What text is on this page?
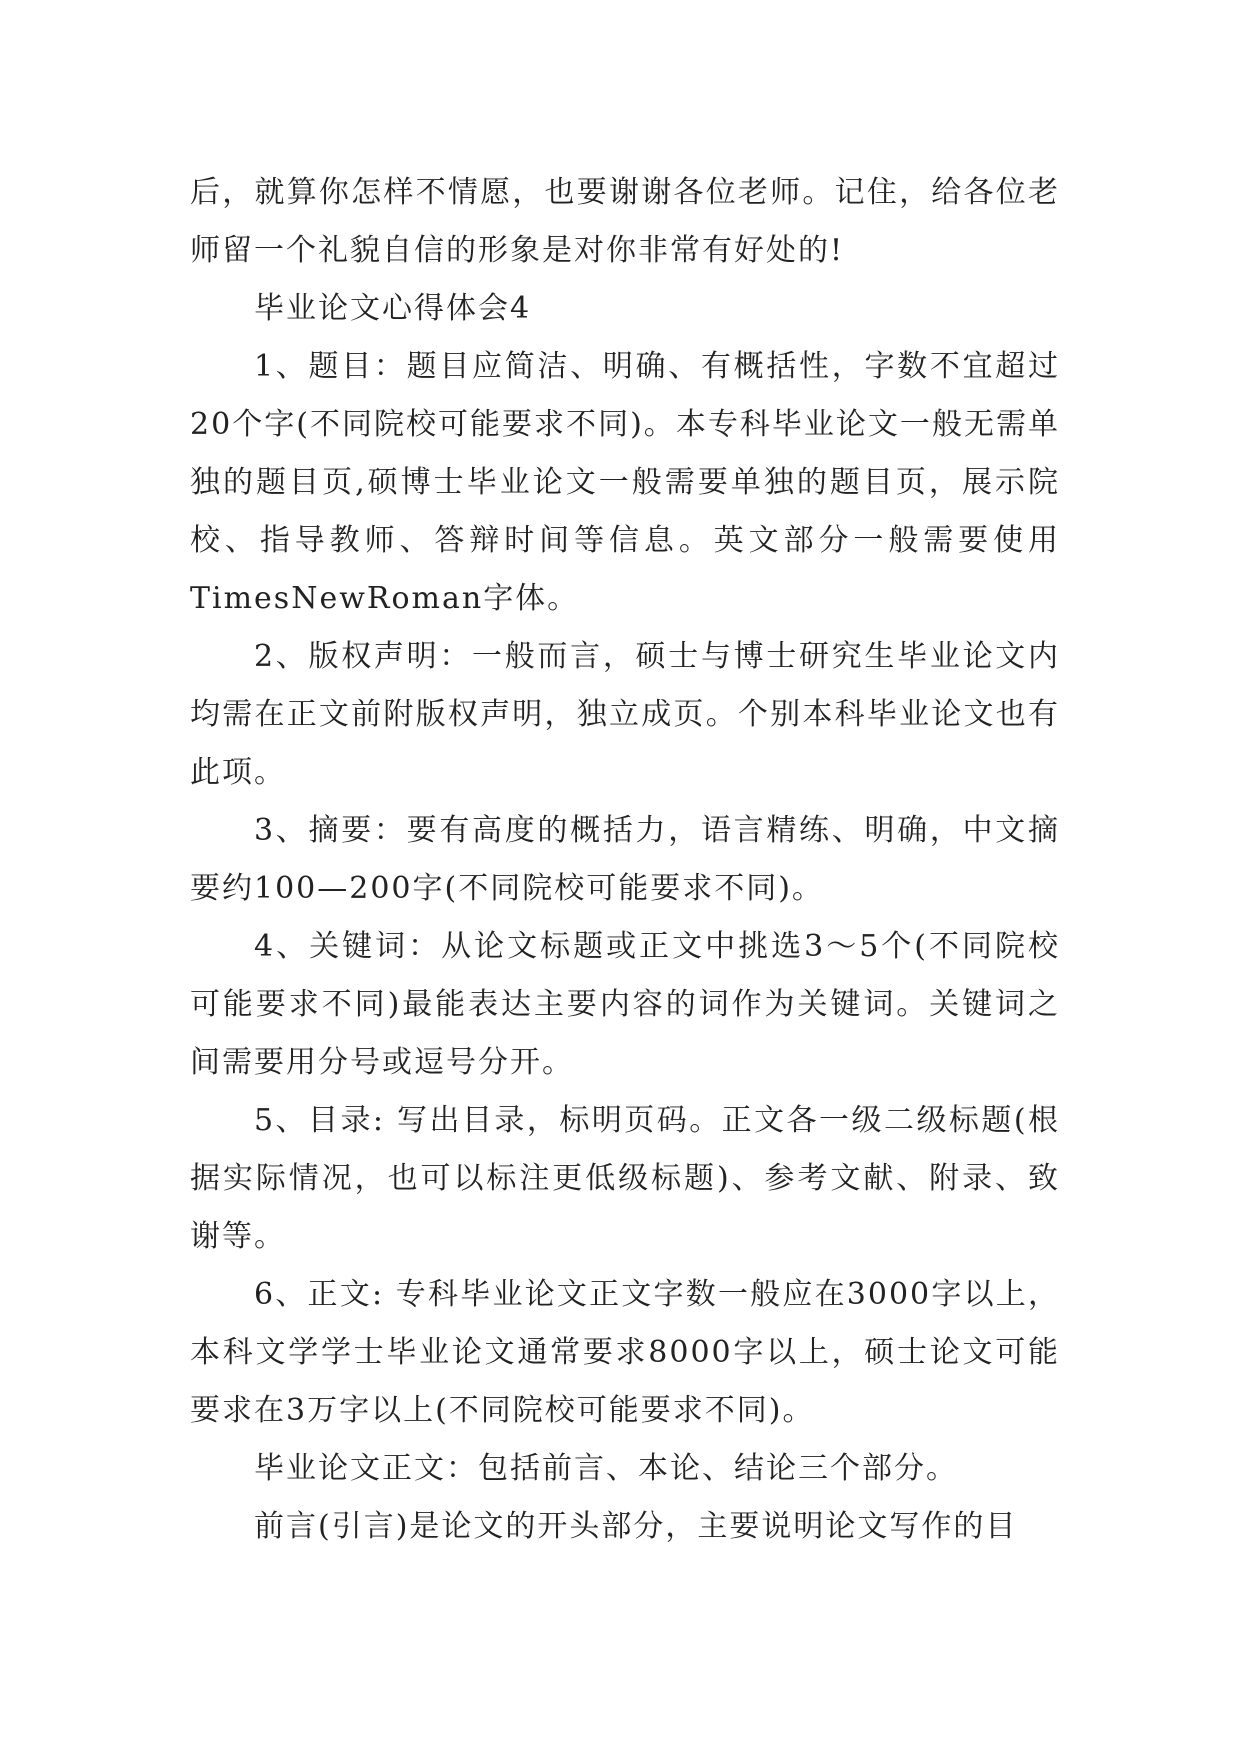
后，就算你怎样不情愿，也要谢谢各位老师。记住，给各位老师留一个礼貌自信的形象是对你非常有好处的!

毕业论文心得体会4

1、题目：题目应简洁、明确、有概括性，字数不宜超过20个字(不同院校可能要求不同)。本专科毕业论文一般无需单独的题目页,硕博士毕业论文一般需要单独的题目页，展示院校、指导教师、答辩时间等信息。英文部分一般需要使用TimesNewRoman字体。

2、版权声明：一般而言，硕士与博士研究生毕业论文内均需在正文前附版权声明，独立成页。个别本科毕业论文也有此项。

3、摘要：要有高度的概括力，语言精练、明确，中文摘要约100—200字(不同院校可能要求不同)。

4、关键词：从论文标题或正文中挑选3～5个(不同院校可能要求不同)最能表达主要内容的词作为关键词。关键词之间需要用分号或逗号分开。

5、目录: 写出目录，标明页码。正文各一级二级标题(根据实际情况，也可以标注更低级标题)、参考文献、附录、致谢等。

6、正文: 专科毕业论文正文字数一般应在3000字以上，本科文学学士毕业论文通常要求8000字以上，硕士论文可能要求在3万字以上(不同院校可能要求不同)。

毕业论文正文：包括前言、本论、结论三个部分。

前言(引言)是论文的开头部分，主要说明论文写作的目
